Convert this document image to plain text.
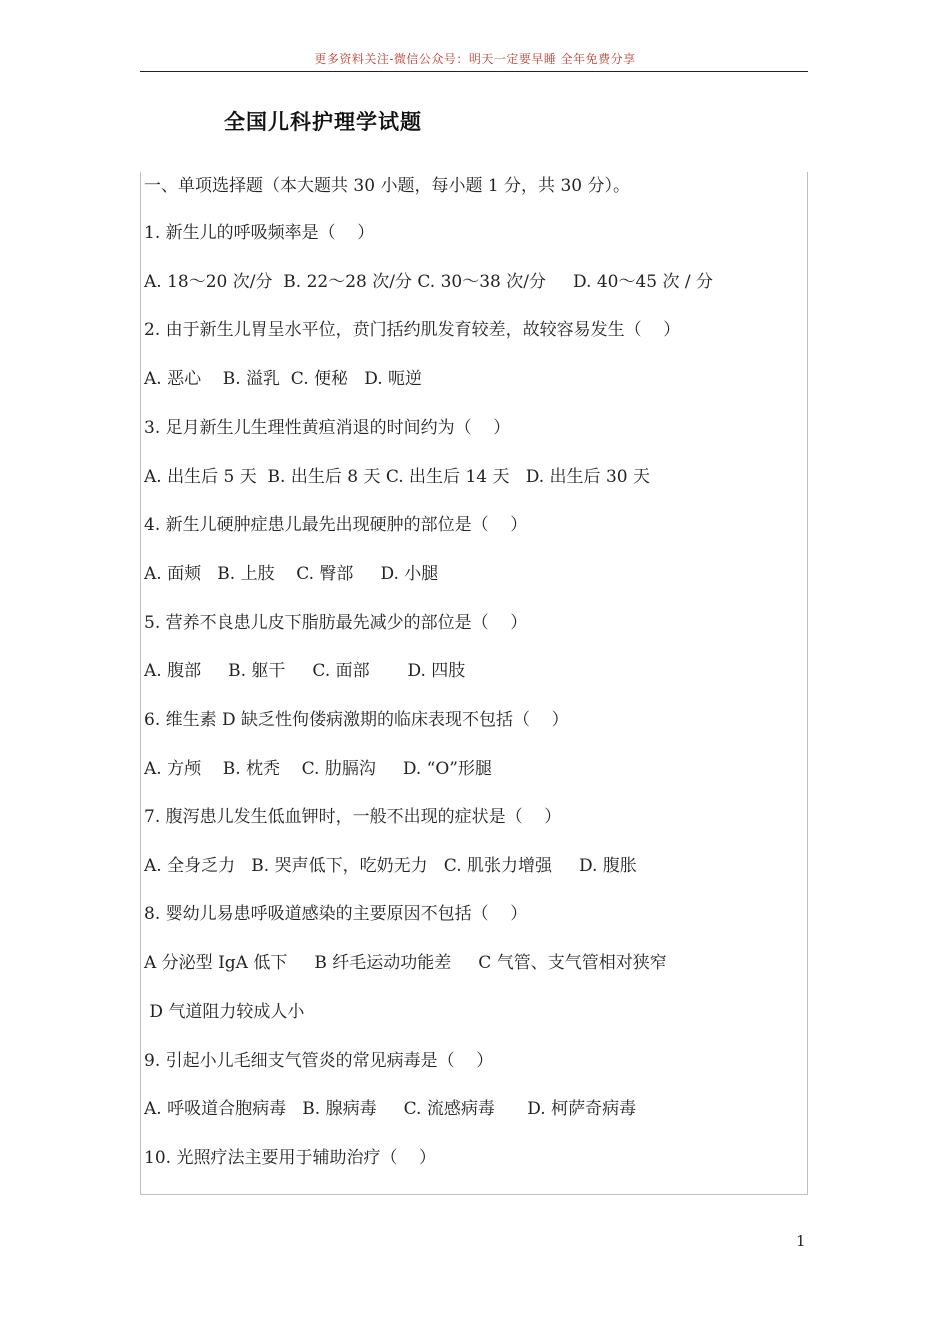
更多资料关注-微信公众号：明天一定要早睡 全年免费分享
全国儿科护理学试题
一、单项选择题（本大题共 30 小题，每小题 1 分，共 30 分）。
1. 新生儿的呼吸频率是（    ）
A. 18～20 次/分  B. 22～28 次/分 C. 30～38 次/分     D. 40～45 次 / 分
2. 由于新生儿胃呈水平位，贲门括约肌发育较差，故较容易发生（    ）
A. 恶心    B. 溢乳  C. 便秘   D. 呃逆
3. 足月新生儿生理性黄疸消退的时间约为（    ）
A. 出生后 5 天  B. 出生后 8 天 C. 出生后 14 天   D. 出生后 30 天
4. 新生儿硬肿症患儿最先出现硬肿的部位是（    ）
A. 面颊   B. 上肢    C. 臀部     D. 小腿
5. 营养不良患儿皮下脂肪最先减少的部位是（    ）
A. 腹部     B. 躯干     C. 面部       D. 四肢
6. 维生素 D 缺乏性佝偻病激期的临床表现不包括（    ）
A. 方颅    B. 枕秃    C. 肋膈沟     D. “O”形腿
7. 腹泻患儿发生低血钾时，一般不出现的症状是（    ）
A. 全身乏力   B. 哭声低下，吃奶无力   C. 肌张力增强     D. 腹胀
8. 婴幼儿易患呼吸道感染的主要原因不包括（    ）
A 分泌型 IgA 低下     B 纤毛运动功能差     C 气管、支气管相对狭窄
D 气道阻力较成人小
9. 引起小儿毛细支气管炎的常见病毒是（    ）
A. 呼吸道合胞病毒   B. 腺病毒     C. 流感病毒      D. 柯萨奇病毒
10. 光照疗法主要用于辅助治疗（    ）
1
